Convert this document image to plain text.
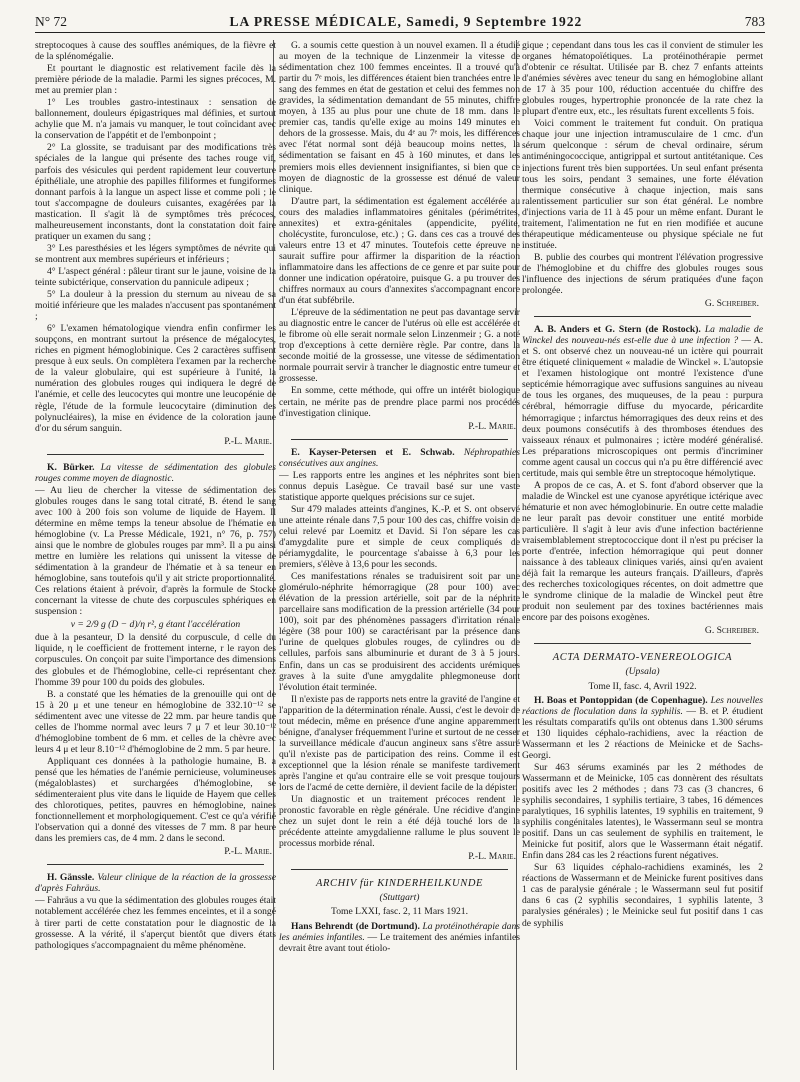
N° 72	LA PRESSE MÉDICALE, Samedi, 9 Septembre 1922	783

streptocoques à cause des souffles anémiques, de la fièvre et de la splénomégalie.

Et pourtant le diagnostic est relativement facile dès la première période de la maladie. Parmi les signes précoces, M. met au premier plan :

1° Les troubles gastro-intestinaux : sensation de ballonnement, douleurs épigastriques mal définies, et surtout achylie que M. n'a jamais vu manquer, le tout coïncidant avec la conservation de l'appétit et de l'embonpoint ;

2° La glossite, se traduisant par des modifications très spéciales de la langue qui présente des taches rouge vif, parfois des vésicules qui perdent rapidement leur couverture épithéliale, une atrophie des papilles filiformes et fungiformes donnant parfois à la langue un aspect lisse et comme poli ; le tout s'accompagne de douleurs cuisantes, exagérées par la mastication. Il s'agit là de symptômes très précoces, malheureusement inconstants, dont la constatation doit faire pratiquer un examen du sang ;

3° Les paresthésies et les légers symptômes de névrite qui se montrent aux membres supérieurs et inférieurs ;

4° L'aspect général : pâleur tirant sur le jaune, voisine de la teinte subictérique, conservation du pannicule adipeux ;

5° La douleur à la pression du sternum au niveau de sa moitié inférieure que les malades n'accusent pas spontanément ;

6° L'examen hématologique viendra enfin confirmer les soupçons, en montrant surtout la présence de mégalocytes, riches en pigment hémoglobinique. Ces 2 caractères suffisent presque à eux seuls. On complètera l'examen par la recherche de la valeur globulaire, qui est supérieure à l'unité, la numération des globules rouges qui indiquera le degré de l'anémie, et celle des leucocytes qui montre une leucopénie de règle, l'étude de la formule leucocytaire (diminution des polynucléaires), la mise en évidence de la coloration jaune d'or du sérum sanguin.

P.-L. Marie.

K. Bürker. La vitesse de sédimentation des globules rouges comme moyen de diagnostic.

— Au lieu de chercher la vitesse de sédimentation des globules rouges dans le sang total citraté, B. étend le sang avec 100 à 200 fois son volume de liquide de Hayem. Il détermine en même temps la teneur absolue de l'hématie en hémoglobine (v. La Presse Médicale, 1921, n° 76, p. 757) ainsi que le nombre de globules rouges par mm³. Il a pu ainsi mettre en lumière les relations qui unissent la vitesse de sédimentation à la grandeur de l'hématie et à sa teneur en hémoglobine, sans toutefois qu'il y ait stricte proportionnalité. Ces relations étaient à prévoir, d'après la formule de Stocke concernant la vitesse de chute des corpuscules sphériques en suspension :

v = 2/9 g (D − d)/η r², g étant l'accélération

due à la pesanteur, D la densité du corpuscule, d celle du liquide, η le coefficient de frottement interne, r le rayon des corpuscules. On conçoit par suite l'importance des dimensions des globules et de l'hémoglobine, celle-ci représentant chez l'homme 39 pour 100 du poids des globules.

B. a constaté que les hématies de la grenouille qui ont de 15 à 20 μ et une teneur en hémoglobine de 332.10⁻¹² se sédimentent avec une vitesse de 22 mm. par heure tandis que celles de l'homme normal avec leurs 7 μ 7 et leur 30.10⁻¹² d'hémoglobine tombent de 6 mm. et celles de la chèvre avec leurs 4 μ et leur 8.10⁻¹² d'hémoglobine de 2 mm. 5 par heure.

Appliquant ces données à la pathologie humaine, B. a pensé que les hématies de l'anémie pernicieuse, volumineuses (mégaloblastes) et surchargées d'hémoglobine, se sédimenteraient plus vite dans le liquide de Hayem que celles des chlorotiques, petites, pauvres en hémoglobine, naines fonctionnellement et morphologiquement. C'est ce qu'a vérifié l'observation qui a donné des vitesses de 7 mm. 8 par heure dans les premiers cas, de 4 mm. 2 dans le second.

P.-L. Marie.

H. Gänssle. Valeur clinique de la réaction de la grossesse d'après Fahräus.

— Fahräus a vu que la sédimentation des globules rouges était notablement accélérée chez les femmes enceintes, et il a songé à tirer parti de cette constatation pour le diagnostic de la grossesse. A la vérité, il s'aperçut bientôt que divers états pathologiques s'accompagnaient du même phénomène.

G. a soumis cette question à un nouvel examen. Il a étudié au moyen de la technique de Linzenmeir la vitesse de sédimentation chez 100 femmes enceintes. Il a trouvé qu'à partir du 7ᵉ mois, les différences étaient bien tranchées entre le sang des femmes en état de gestation et celui des femmes non gravides, la sédimentation demandant de 55 minutes, chiffre moyen, à 135 au plus pour une chute de 18 mm. dans le premier cas, tandis qu'elle exige au moins 149 minutes en dehors de la grossesse. Mais, du 4ᵉ au 7ᵉ mois, les différences avec l'état normal sont déjà beaucoup moins nettes, la sédimentation se faisant en 45 à 160 minutes, et dans les premiers mois elles deviennent insignifiantes, si bien que ce moyen de diagnostic de la grossesse est dénué de valeur clinique.

D'autre part, la sédimentation est également accélérée au cours des maladies inflammatoires génitales (périmétrites, annexites) et extra-génitales (appendicite, pyélite, cholécystite, furonculose, etc.) ; G. dans ces cas a trouvé des valeurs entre 13 et 47 minutes. Toutefois cette épreuve ne saurait suffire pour affirmer la disparition de la réaction inflammatoire dans les affections de ce genre et par suite pour donner une indication opératoire, puisque G. a pu trouver des chiffres normaux au cours d'annexites s'accompagnant encore d'un état subfébrile.

L'épreuve de la sédimentation ne peut pas davantage servir au diagnostic entre le cancer de l'utérus où elle est accélérée et le fibrome où elle serait normale selon Linzenmeir ; G. a noté trop d'exceptions à cette dernière règle. Par contre, dans la seconde moitié de la grossesse, une vitesse de sédimentation normale pourrait servir à trancher le diagnostic entre tumeur et grossesse.

En somme, cette méthode, qui offre un intérêt biologique certain, ne mérite pas de prendre place parmi nos procédés d'investigation clinique.

P.-L. Marie.

E. Kayser-Petersen et E. Schwab. Néphropathies consécutives aux angines.

— Les rapports entre les angines et les néphrites sont bien connus depuis Lasègue. Ce travail basé sur une vaste statistique apporte quelques précisions sur ce sujet.

Sur 479 malades atteints d'angines, K.-P. et S. ont observé une atteinte rénale dans 7,5 pour 100 des cas, chiffre voisin de celui relevé par Loemitz et David. Si l'on sépare les cas d'amygdalite pure et simple de ceux compliqués de périamygdalite, le pourcentage s'abaisse à 6,3 pour les premiers, s'élève à 13,6 pour les seconds.

Ces manifestations rénales se traduisirent soit par une glomérulo-néphrite hémorragique (28 pour 100) avec élévation de la pression artérielle, soit par de la néphrite parcellaire sans modification de la pression artérielle (34 pour 100), soit par des phénomènes passagers d'irritation rénale légère (38 pour 100) se caractérisant par la présence dans l'urine de quelques globules rouges, de cylindres ou de cellules, parfois sans albuminurie et durant de 3 à 5 jours. Enfin, dans un cas se produisirent des accidents urémiques graves à la suite d'une amygdalite phlegmoneuse dont l'évolution était terminée.

Il n'existe pas de rapports nets entre la gravité de l'angine et l'apparition de la détermination rénale. Aussi, c'est le devoir de tout médecin, même en présence d'une angine apparemment bénigne, d'analyser fréquemment l'urine et surtout de ne cesser la surveillance médicale d'aucun angineux sans s'être assuré qu'il n'existe pas de participation des reins. Comme il est exceptionnel que la lésion rénale se manifeste tardivement après l'angine et qu'au contraire elle se voit presque toujours lors de l'acmé de cette dernière, il devient facile de la dépister.

Un diagnostic et un traitement précoces rendent le pronostic favorable en règle générale. Une récidive d'angine chez un sujet dont le rein a été déjà touché lors de la précédente atteinte amygdalienne rallume le plus souvent le processus morbide rénal.

P.-L. Marie.
ARCHIV für KINDERHEILKUNDE
(Stuttgart)
Tome LXXI, fasc. 2, 11 Mars 1921.

Hans Behrendt (de Dortmund). La protéinothérapie dans les anémies infantiles. — Le traitement des anémies infantiles devrait être avant tout étiolo-

gique ; cependant dans tous les cas il convient de stimuler les organes hématopoïétiques. La protéinothérapie permet d'obtenir ce résultat. Utilisée par B. chez 7 enfants atteints d'anémies sévères avec teneur du sang en hémoglobine allant de 17 à 35 pour 100, réduction accentuée du chiffre des globules rouges, hypertrophie prononcée de la rate chez la plupart d'entre eux, etc., les résultats furent excellents 5 fois.

Voici comment le traitement fut conduit. On pratiqua chaque jour une injection intramusculaire de 1 cmc. d'un sérum quelconque : sérum de cheval ordinaire, sérum antiméningococcique, antigrippal et surtout antitétanique. Ces injections furent très bien supportées. Un seul enfant présenta tous les soirs, pendant 3 semaines, une forte élévation thermique consécutive à chaque injection, mais sans ralentissement particulier sur son état général. Le nombre d'injections varia de 11 à 45 pour un même enfant. Durant le traitement, l'alimentation ne fut en rien modifiée et aucune thérapeutique médicamenteuse ou physique spéciale ne fut instituée.

B. publie des courbes qui montrent l'élévation progressive de l'hémoglobine et du chiffre des globules rouges sous l'influence des injections de sérum pratiquées d'une façon prolongée.

G. Schreiber.

A. B. Anders et G. Stern (de Rostock). La maladie de Winckel des nouveau-nés est-elle due à une infection ? — A. et S. ont observé chez un nouveau-né un ictère qui pourrait être étiqueté cliniquement « maladie de Winckel ». L'autopsie et l'examen histologique ont montré l'existence d'une septicémie hémorragique avec suffusions sanguines au niveau de tous les organes, des muqueuses, de la peau : purpura cérébral, hémorragie diffuse du myocarde, péricardite hémorragique ; infarctus hémorragiques des deux reins et des deux poumons consécutifs à des thromboses étendues des vaisseaux rénaux et pulmonaires ; ictère modéré généralisé. Les préparations microscopiques ont permis d'incriminer comme agent causal un coccus qui n'a pu être différencié avec certitude, mais qui semble être un streptocoque hémolytique.

A propos de ce cas, A. et S. font d'abord observer que la maladie de Winckel est une cyanose apyrétique ictérique avec hématurie et non avec hémoglobinurie. En outre cette maladie ne leur paraît pas devoir constituer une entité morbide particulière. Il s'agit à leur avis d'une infection bactérienne vraisemblablement streptococcique dont il n'est pu préciser la porte d'entrée, infection hémorragique qui peut donner naissance à des tableaux cliniques variés, ainsi qu'en avaient déjà fait la remarque les auteurs français. D'ailleurs, d'après des recherches toxicologiques récentes, on doit admettre que le syndrome clinique de la maladie de Winckel peut être produit non seulement par des toxines bactériennes mais encore par des poisons exogènes.

G. Schreiber.
ACTA DERMATO-VENEREOLOGICA
(Upsala)
Tome II, fasc. 4, Avril 1922.

H. Boas et Pontoppidan (de Copenhague). Les nouvelles réactions de floculation dans la syphilis. — B. et P. étudient les résultats comparatifs qu'ils ont obtenus dans 1.300 sérums et 130 liquides céphalo-rachidiens, avec la réaction de Wassermann et les 2 réactions de Meinicke et de Sachs-Georgi.

Sur 463 sérums examinés par les 2 méthodes de Wassermann et de Meinicke, 105 cas donnèrent des résultats positifs avec les 2 méthodes ; dans 73 cas (3 chancres, 6 syphilis secondaires, 1 syphilis tertiaire, 3 tabes, 16 démences paralytiques, 16 syphilis latentes, 19 syphilis en traitement, 9 syphilis congénitales latentes), le Wassermann seul se montra positif. Dans un cas seulement de syphilis en traitement, le Meinicke fut positif, alors que le Wassermann était négatif. Enfin dans 284 cas les 2 réactions furent négatives.

Sur 63 liquides céphalo-rachidiens examinés, les 2 réactions de Wassermann et de Meinicke furent positives dans 1 cas de paralysie générale ; le Wassermann seul fut positif dans 6 cas (2 syphilis secondaires, 1 syphilis latente, 3 paralysies générales) ; le Meinicke seul fut positif dans 1 cas de syphilis
